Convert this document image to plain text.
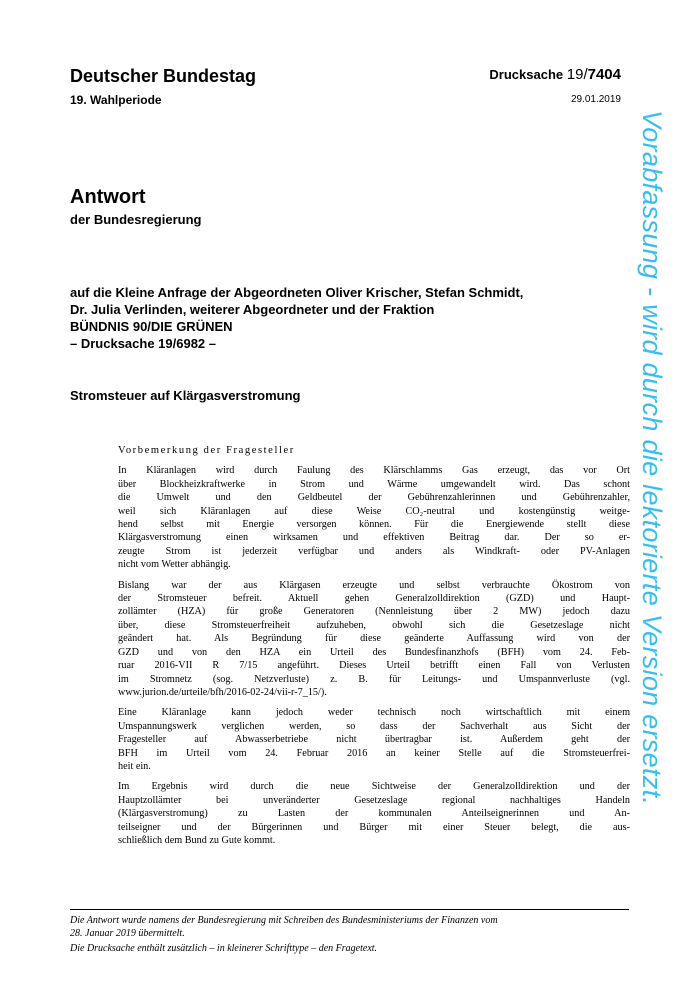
Deutscher Bundestag
19. Wahlperiode
Drucksache 19/7404
29.01.2019
Antwort
der Bundesregierung
auf die Kleine Anfrage der Abgeordneten Oliver Krischer, Stefan Schmidt,
Dr. Julia Verlinden, weiterer Abgeordneter und der Fraktion
BÜNDNIS 90/DIE GRÜNEN
– Drucksache 19/6982 –
Stromsteuer auf Klärgasverstromung
Vorbemerkung der Fragesteller

In Kläranlagen wird durch Faulung des Klärschlamms Gas erzeugt, das vor Ort
über Blockheizkraftwerke in Strom und Wärme umgewandelt wird. Das schont
die Umwelt und den Geldbeutel der Gebührenzahlerinnen und Gebührenzahler,
weil sich Kläranlagen auf diese Weise CO₂-neutral und kostengünstig weitge-
hend selbst mit Energie versorgen können. Für die Energiewende stellt diese
Klärgasverstromung einen wirksamen und effektiven Beitrag dar. Der so er-
zeugte Strom ist jederzeit verfügbar und anders als Windkraft- oder PV-Anlagen
nicht vom Wetter abhängig.

Bislang war der aus Klärgasen erzeugte und selbst verbrauchte Ökostrom von
der Stromsteuer befreit. Aktuell gehen Generalzolldirektion (GZD) und Haupt-
zollämter (HZA) für große Generatoren (Nennleistung über 2 MW) jedoch dazu
über, diese Stromsteuerfreiheit aufzuheben, obwohl sich die Gesetzeslage nicht
geändert hat. Als Begründung für diese geänderte Auffassung wird von der
GZD und von den HZA ein Urteil des Bundesfinanzhofs (BFH) vom 24. Feb-
ruar 2016-VII R 7/15 angeführt. Dieses Urteil betrifft einen Fall von Verlusten
im Stromnetz (sog. Netzverluste) z. B. für Leitungs- und Umspannverluste (vgl.
www.jurion.de/urteile/bfh/2016-02-24/vii-r-7_15/).

Eine Kläranlage kann jedoch weder technisch noch wirtschaftlich mit einem
Umspannungswerk verglichen werden, so dass der Sachverhalt aus Sicht der
Fragesteller auf Abwasserbetriebe nicht übertragbar ist. Außerdem geht der
BFH im Urteil vom 24. Februar 2016 an keiner Stelle auf die Stromsteuerfrei-
heit ein.

Im Ergebnis wird durch die neue Sichtweise der Generalzolldirektion und der
Hauptzollämter bei unveränderter Gesetzeslage regional nachhaltiges Handeln
(Klärgasverstromung) zu Lasten der kommunalen Anteilseignerinnen und An-
teilseigner und der Bürgerinnen und Bürger mit einer Steuer belegt, die aus-
schließlich dem Bund zu Gute kommt.

Die Antwort wurde namens der Bundesregierung mit Schreiben des Bundesministeriums der Finanzen vom
28. Januar 2019 übermittelt.
Die Drucksache enthält zusätzlich – in kleinerer Schrifttype – den Fragetext.
Vorabfassung - wird durch die lektorierte Version ersetzt.
